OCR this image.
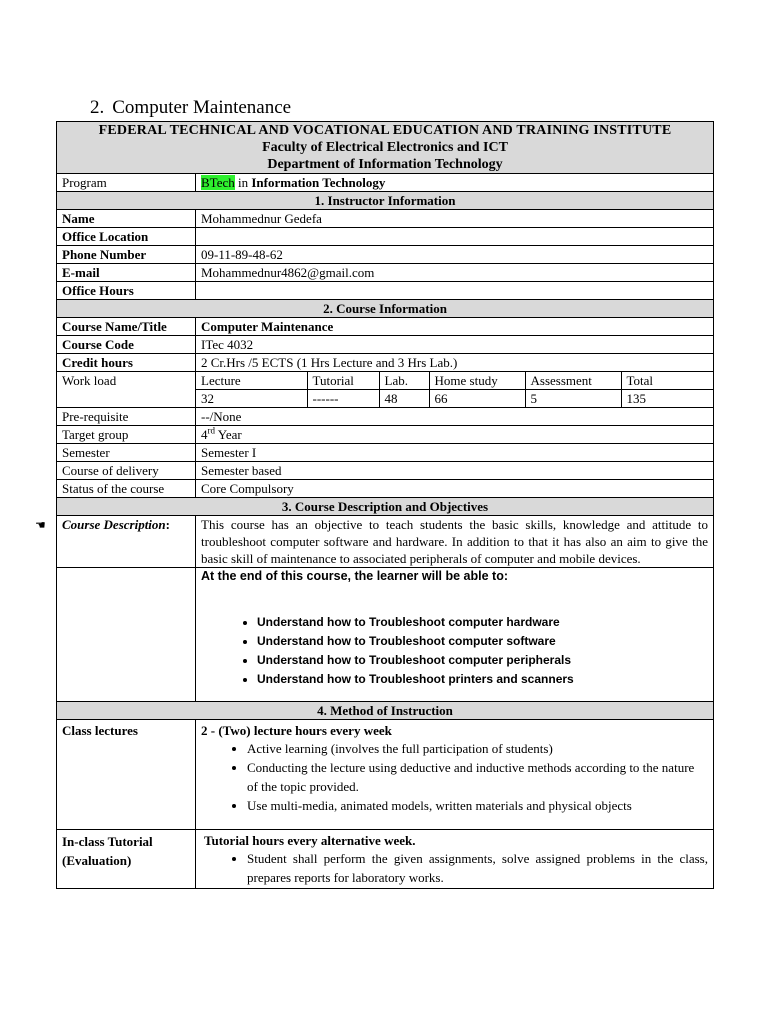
2. Computer Maintenance
FEDERAL TECHNICAL AND VOCATIONAL EDUCATION AND TRAINING INSTITUTE
Faculty of Electrical Electronics and ICT
Department of Information Technology

Program	BTech in Information Technology
1. Instructor Information
Name	Mohammednur Gedefa
Office Location	
Phone Number	09-11-89-48-62
E-mail	Mohammednur4862@gmail.com
Office Hours	
2. Course Information
Course Name/Title	Computer Maintenance
Course Code	ITec 4032
Credit hours	2 Cr.Hrs /5 ECTS (1 Hrs Lecture and 3 Hrs Lab.)
Work load		Lecture	Tutorial	Lab.	Home study	Assessment	Total
32	------	48	66	5	135

Pre-requisite	--/None
Target group	4rd Year
Semester	Semester I
Course of delivery	Semester based
Status of the course	Core Compulsory
3. Course Description and Objectives

☚ Course Description:	This course has an objective to teach students the basic skills, knowledge and attitude to troubleshoot computer software and hardware. In addition to that it has also an aim to give the basic skill of maintenance to associated peripherals of computer and mobile devices.

At the end of this course, the learner will be able to:
• Understand how to Troubleshoot computer hardware
• Understand how to Troubleshoot computer software
• Understand how to Troubleshoot computer peripherals
• Understand how to Troubleshoot printers and scanners

4. Method of Instruction
Class lectures	2 - (Two) lecture hours every week
• Active learning (involves the full participation of students)
• Conducting the lecture using deductive and inductive methods according to the nature of the topic provided.
• Use multi-media, animated models, written materials and physical objects

In-class Tutorial
(Evaluation)

Tutorial hours every alternative week.
• Student shall perform the given assignments, solve assigned problems in the class, prepares reports for laboratory works.
